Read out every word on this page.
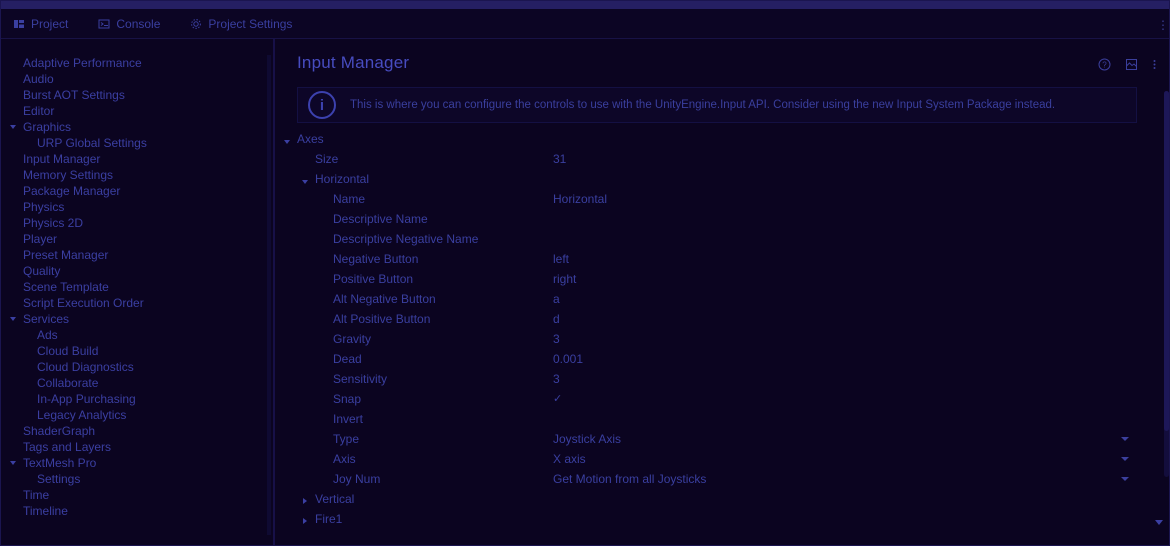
Project	Console	Project Settings	⋮
Adaptive Performance
Audio
Burst AOT Settings
Editor
Graphics
URP Global Settings
Input Manager
Memory Settings
Package Manager
Physics
Physics 2D
Player
Preset Manager
Quality
Scene Template
Script Execution Order
Services
Ads
Cloud Build
Cloud Diagnostics
Collaborate
In-App Purchasing
Legacy Analytics
ShaderGraph
Tags and Layers
TextMesh Pro
Settings
Time
Timeline
Input Manager	?
i	This is where you can configure the controls to use with the UnityEngine.Input API. Consider using the new Input System Package instead.
Axes
Size	31
Horizontal
Name	Horizontal
Descriptive Name
Descriptive Negative Name
Negative Button	left
Positive Button	right
Alt Negative Button	a
Alt Positive Button	d
Gravity	3
Dead	0.001
Sensitivity	3
Snap	✓
Invert
Type	Joystick Axis
Axis	X axis
Joy Num	Get Motion from all Joysticks
Vertical
Fire1
